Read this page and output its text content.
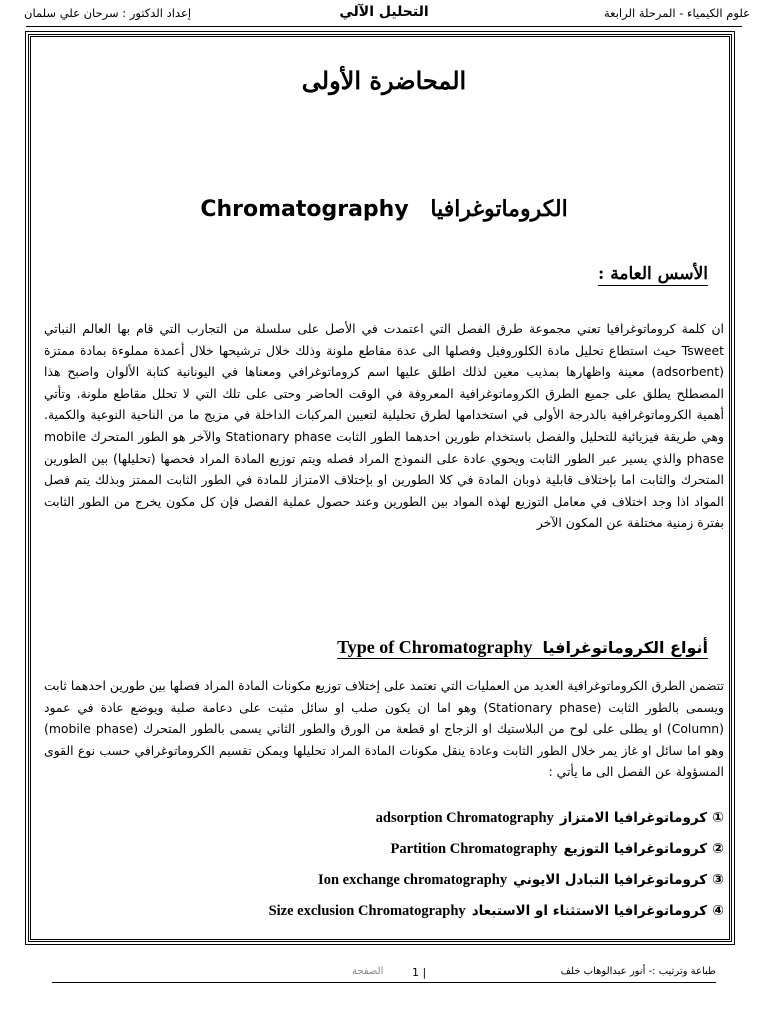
علوم الكيمياء - المرحلة الرابعة
التحليل الآلي
إعداد الدكتور : سرحان علي سلمان
المحاضرة الأولى
Chromatography الكروماتوغرافيا
الأسس العامة :
ان كلمة كروماتوغرافيا تعني مجموعة طرق الفصل التي اعتمدت في الأصل على سلسلة من التجارب التي قام بها العالم النباتي Tsweet حيث استطاع تحليل مادة الكلوروفيل وفصلها الى عدة مقاطع ملونة وذلك خلال ترشيحها خلال أعمدة مملوءة بمادة ممتزة (adsorbent) معينة واظهارها بمذيب معين لذلك اطلق عليها اسم كروماتوغرافي ومعناها في اليونانية كتابة الألوان واصبح هذا المصطلح يطلق على جميع الطرق الكروماتوغرافية المعروفة في الوقت الحاضر وحتى على تلك التي لا تحلل مقاطع ملونة. وتأتي أهمية الكروماتوغرافية بالدرجة الأولى في استخدامها لطرق تحليلية لتعيين المركبات الداخلة في مزيج ما من الناحية النوعية والكمية. وهي طريقة فيزيائية للتحليل والفصل باستخدام طورين احدهما الطور الثابت Stationary phase والآخر هو الطور المتحرك mobile phase والذي يسير عبر الطور الثابت ويحوي عادة على النموذج المراد فصله ويتم توزيع المادة المراد فحصها (تحليلها) بين الطورين المتحرك والثابت اما بإختلاف قابلية ذوبان المادة في كلا الطورين او بإختلاف الامتزاز للمادة في الطور الثابت الممتز وبذلك يتم فصل المواد اذا وجد اختلاف في معامل التوزيع لهذه المواد بين الطورين وعند حصول عملية الفصل فإن كل مكون يخرج من الطور الثابت بفترة زمنية مختلفة عن المكون الآخر
أنواع الكروماتوغرافياType of Chromatography
تتضمن الطرق الكروماتوغرافية العديد من العمليات التي تعتمد على إختلاف توزيع مكونات المادة المراد فصلها بين طورين احدهما ثابت ويسمى بالطور الثابت (Stationary phase) وهو اما ان يكون صلب او سائل مثبت على دعامة صلبة ويوضع عادة في عمود (Column) او يطلى على لوح من البلاستيك او الزجاج او قطعة من الورق والطور الثاني يسمى بالطور المتحرك (mobile phase) وهو اما سائل او غاز يمر خلال الطور الثابت وعادة ينقل مكونات المادة المراد تحليلها ويمكن تقسيم الكروماتوغرافي حسب نوع القوى المسؤولة عن الفصل الى ما يأتي :
①كروماتوغرافيا الامتزازadsorption Chromatography
②كروماتوغرافيا التوزيعPartition Chromatography
③كروماتوغرافيا التبادل الايونيIon exchange chromatography
④كروماتوغرافيا الاستثناء او الاستبعادSize exclusion Chromatography
طباعة وترتيب :- أنور عبدالوهاب خلف
الصفحة	1 |
